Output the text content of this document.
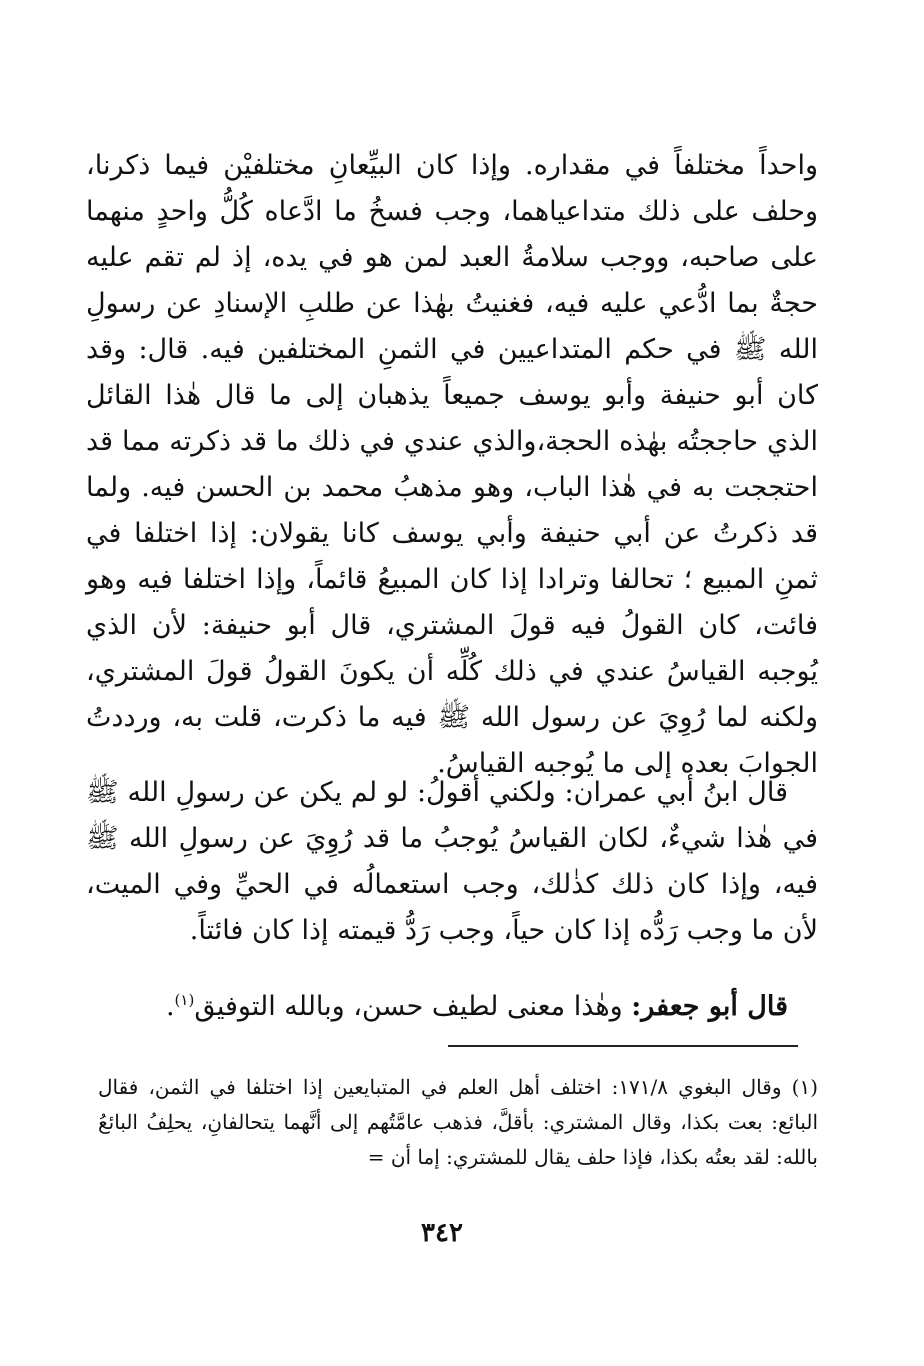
واحداً مختلفاً في مقداره. وإذا كان البيِّعانِ مختلفيْن فيما ذكرنا، وحلف على ذلك متداعياهما، وجب فسخُ ما ادَّعاه كُلُّ واحدٍ منهما على صاحبه، ووجب سلامةُ العبد لمن هو في يده، إذ لم تقم عليه حجةٌ بما ادُّعي عليه فيه، فغنيتُ بهٰذا عن طلبِ الإسنادِ عن رسولِ الله ﷺ في حكم المتداعيين في الثمنِ المختلفين فيه. قال: وقد كان أبو حنيفة وأبو يوسف جميعاً يذهبان إلى ما قال هٰذا القائل الذي حاججتُه بهٰذه الحجة،والذي عندي في ذلك ما قد ذكرته مما قد احتججت به في هٰذا الباب، وهو مذهبُ محمد بن الحسن فيه. ولما قد ذكرتُ عن أبي حنيفة وأبي يوسف كانا يقولان: إذا اختلفا في ثمنِ المبيع ؛ تحالفا وترادا إذا كان المبيعُ قائماً، وإذا اختلفا فيه وهو فائت، كان القولُ فيه قولَ المشتري، قال أبو حنيفة: لأن الذي يُوجبه القياسُ عندي في ذلك كُلِّه أن يكونَ القولُ قولَ المشتري، ولكنه لما رُوِيَ عن رسول الله ﷺ فيه ما ذكرت، قلت به، ورددتُ الجوابَ بعده إلى ما يُوجبه القياسُ.

قال ابنُ أبي عمران: ولكني أقولُ: لو لم يكن عن رسولِ الله ﷺ في هٰذا شيءٌ، لكان القياسُ يُوجبُ ما قد رُوِيَ عن رسولِ الله ﷺ فيه، وإذا كان ذلك كذٰلك، وجب استعمالُه في الحيِّ وفي الميت، لأن ما وجب رَدُّه إذا كان حياً، وجب رَدُّ قيمته إذا كان فائتاً.

قال أبو جعفر: وهٰذا معنى لطيف حسن، وبالله التوفيق$^{(١)}$.

(١) وقال البغوي ١٧١/٨: اختلف أهل العلم في المتبايعين إذا اختلفا في الثمن، فقال البائع: بعت بكذا، وقال المشتري: بأقلَّ، فذهب عامَّتُهم إلى أنَّهما يتحالفانِ، يحلِفُ البائعُ بالله: لقد بعتُه بكذا، فإذا حلف يقال للمشتري: إما أن =

٣٤٢
